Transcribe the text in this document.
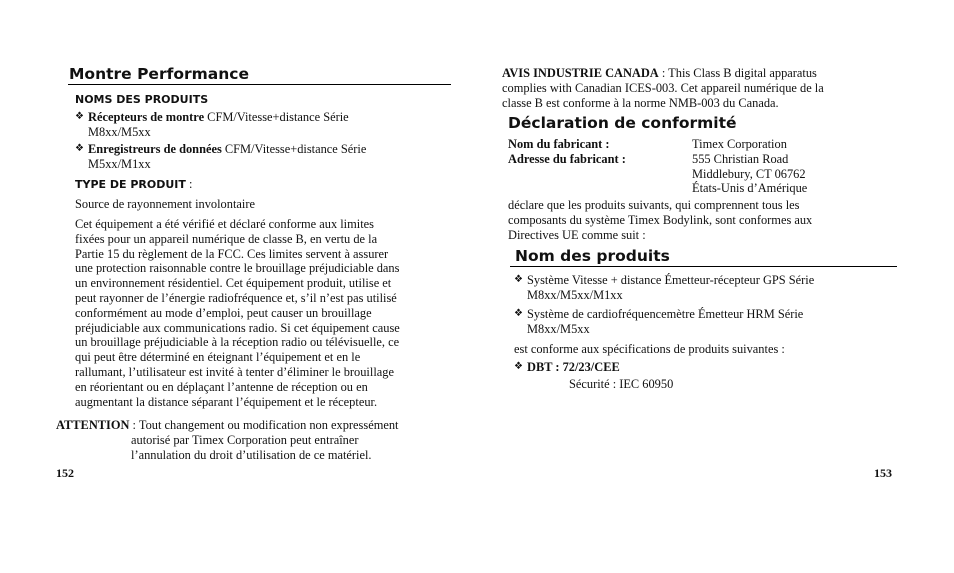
Montre Performance
NOMS DES PRODUITS
❖ Récepteurs de montre CFM/Vitesse+distance Série
M8xx/M5xx
❖ Enregistreurs de données CFM/Vitesse+distance Série
M5xx/M1xx
TYPE DE PRODUIT :
Source de rayonnement involontaire
Cet équipement a été vérifié et déclaré conforme aux limites
fixées pour un appareil numérique de classe B, en vertu de la
Partie 15 du règlement de la FCC. Ces limites servent à assurer
une protection raisonnable contre le brouillage préjudiciable dans
un environnement résidentiel. Cet équipement produit, utilise et
peut rayonner de l’énergie radiofréquence et, s’il n’est pas utilisé
conformément au mode d’emploi, peut causer un brouillage
préjudiciable aux communications radio. Si cet équipement cause
un brouillage préjudiciable à la réception radio ou télévisuelle, ce
qui peut être déterminé en éteignant l’équipement et en le
rallumant, l’utilisateur est invité à tenter d’éliminer le brouillage
en réorientant ou en déplaçant l’antenne de réception ou en
augmentant la distance séparant l’équipement et le récepteur.
ATTENTION : Tout changement ou modification non expressément
autorisé par Timex Corporation peut entraîner
l’annulation du droit d’utilisation de ce matériel.
152
AVIS INDUSTRIE CANADA : This Class B digital apparatus
complies with Canadian ICES-003. Cet appareil numérique de la
classe B est conforme à la norme NMB-003 du Canada.
Déclaration de conformité
Nom du fabricant :	Timex Corporation
Adresse du fabricant :	555 Christian Road
Middlebury, CT 06762
États-Unis d’Amérique
déclare que les produits suivants, qui comprennent tous les
composants du système Timex Bodylink, sont conformes aux
Directives UE comme suit :
Nom des produits
❖ Système Vitesse + distance Émetteur-récepteur GPS Série
M8xx/M5xx/M1xx
❖ Système de cardiofréquencemètre Émetteur HRM Série
M8xx/M5xx
est conforme aux spécifications de produits suivantes :
❖ DBT : 72/23/CEE
Sécurité : IEC 60950
153
